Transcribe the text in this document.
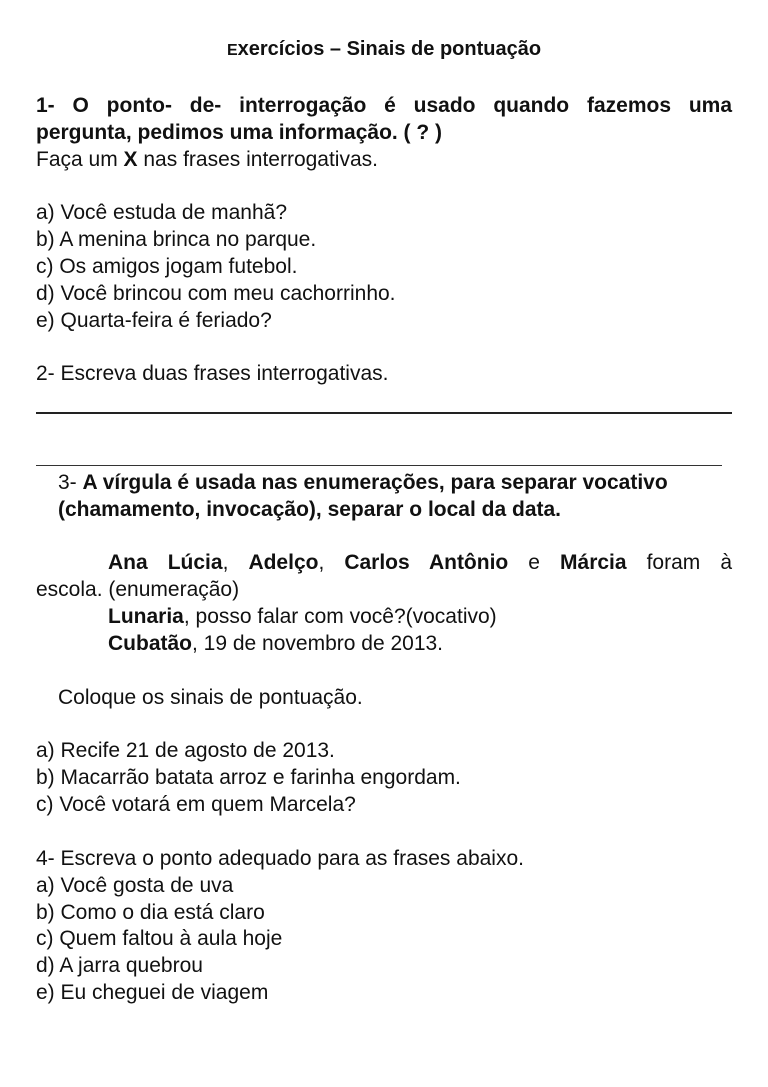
Exercícios – Sinais de pontuação
1- O ponto- de- interrogação é usado quando fazemos uma
pergunta, pedimos uma informação. ( ? )
Faça um X nas frases interrogativas.
a) Você estuda de manhã?
b) A menina brinca no parque.
c) Os amigos jogam futebol.
d) Você brincou com meu cachorrinho.
e) Quarta-feira é feriado?
2- Escreva duas frases interrogativas.
3- A vírgula é usada nas enumerações, para separar vocativo
(chamamento, invocação), separar o local da data.
Ana Lúcia, Adelço, Carlos Antônio e Márcia foram à
escola. (enumeração)
Lunaria, posso falar com você?(vocativo)
Cubatão, 19 de novembro de 2013.
Coloque os sinais de pontuação.
a) Recife 21 de agosto de 2013.
b) Macarrão batata arroz e farinha engordam.
c) Você votará em quem Marcela?
4- Escreva o ponto adequado para as frases abaixo.
a) Você gosta de uva
b) Como o dia está claro
c) Quem faltou à aula hoje
d) A jarra quebrou
e) Eu cheguei de viagem
